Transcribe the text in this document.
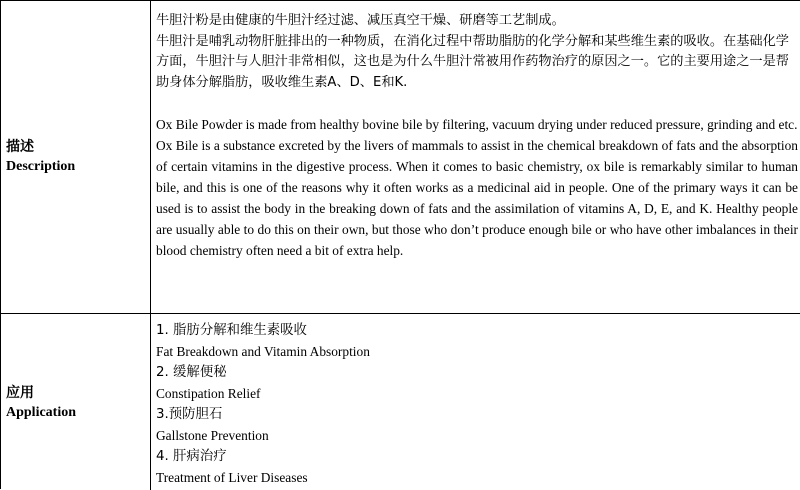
描述
Description

牛胆汁粉是由健康的牛胆汁经过滤、减压真空干燥、研磨等工艺制成。

牛胆汁是哺乳动物肝脏排出的一种物质，在消化过程中帮助脂肪的化学分解和某些维生素的吸收。在基础化学方面，牛胆汁与人胆汁非常相似，这也是为什么牛胆汁常被用作药物治疗的原因之一。它的主要用途之一是帮助身体分解脂肪，吸收维生素A、D、E和K.

Ox Bile Powder is made from healthy bovine bile by filtering, vacuum drying under reduced pressure, grinding and etc.

Ox Bile is a substance excreted by the livers of mammals to assist in the chemical breakdown of fats and the absorption of certain vitamins in the digestive process. When it comes to basic chemistry, ox bile is remarkably similar to human bile, and this is one of the reasons why it often works as a medicinal aid in people. One of the primary ways it can be used is to assist the body in the breaking down of fats and the assimilation of vitamins A, D, E, and K. Healthy people are usually able to do this on their own, but those who don’t produce enough bile or who have other imbalances in their blood chemistry often need a bit of extra help.

应用
Application
1. 脂肪分解和维生素吸收
Fat Breakdown and Vitamin Absorption
2. 缓解便秘
Constipation Relief
3.预防胆石
Gallstone Prevention
4. 肝病治疗
Treatment of Liver Diseases
